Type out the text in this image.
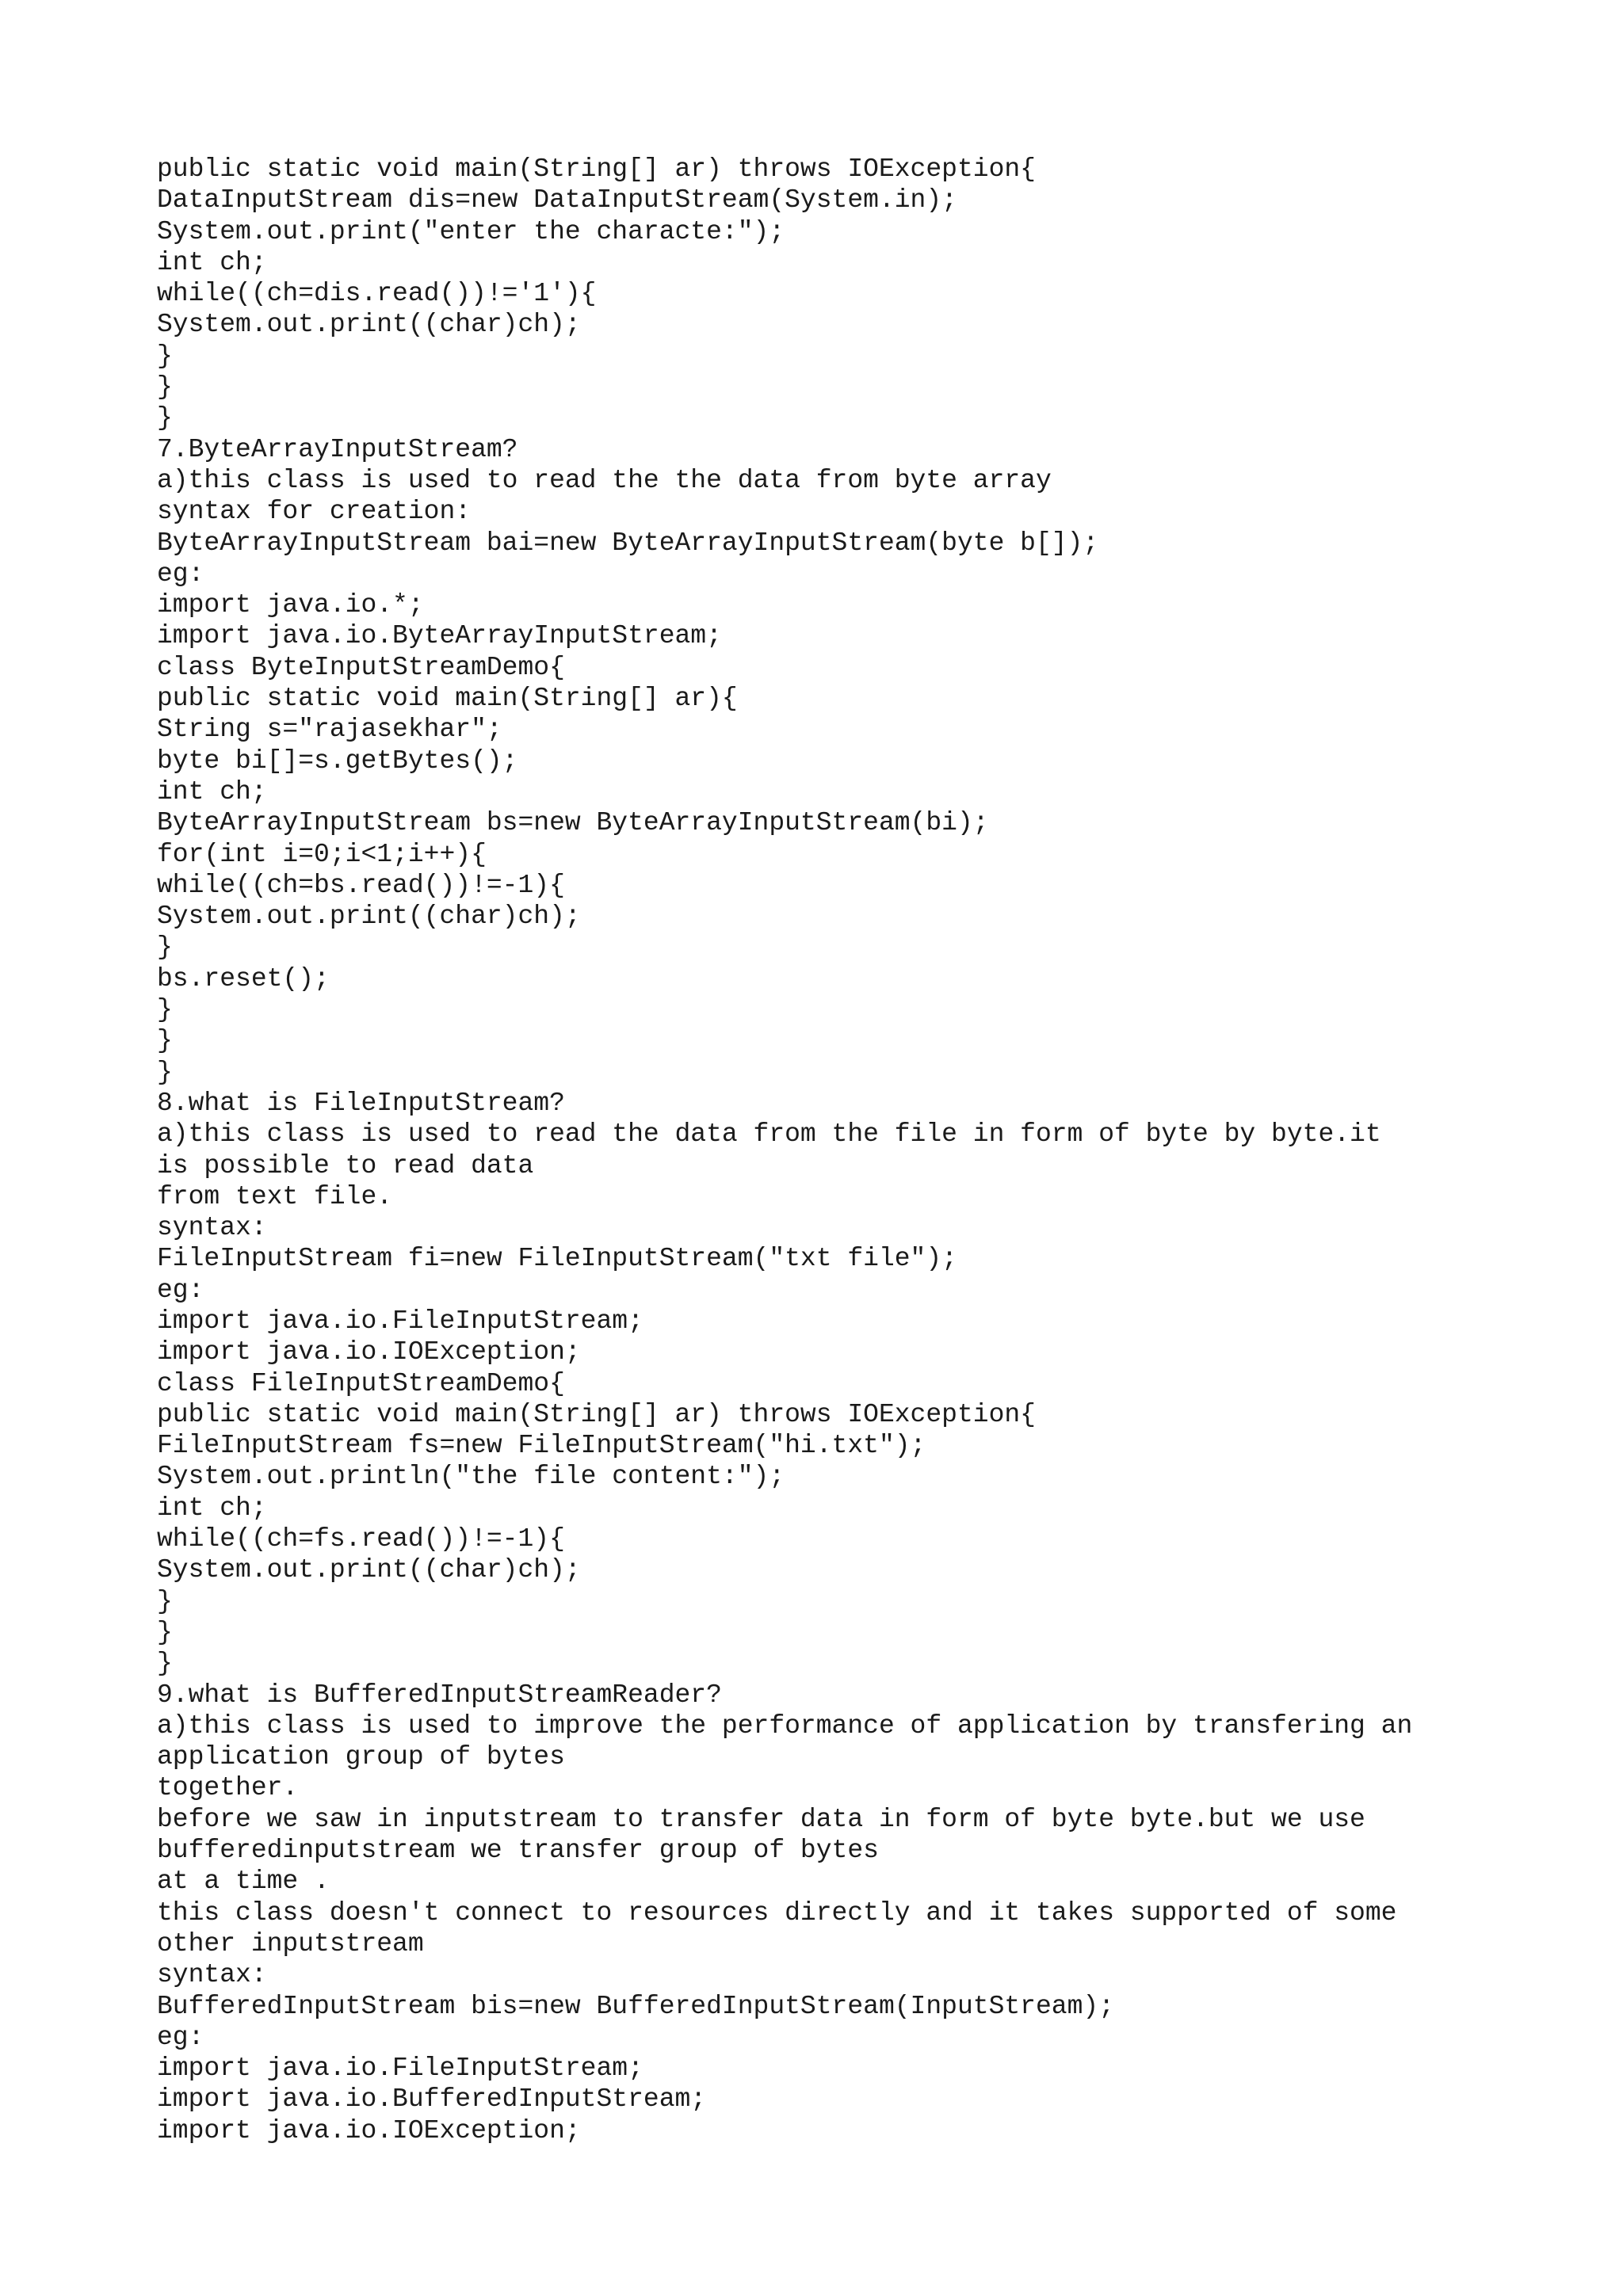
public static void main(String[] ar) throws IOException{
DataInputStream dis=new DataInputStream(System.in);
System.out.print("enter the characte:");
int ch;
while((ch=dis.read())!='1'){
System.out.print((char)ch);
}
}
}
7.ByteArrayInputStream?
a)this class is used to read the the data from byte array
syntax for creation:
ByteArrayInputStream bai=new ByteArrayInputStream(byte b[]);
eg:
import java.io.*;
import java.io.ByteArrayInputStream;
class ByteInputStreamDemo{
public static void main(String[] ar){
String s="rajasekhar";
byte bi[]=s.getBytes();
int ch;
ByteArrayInputStream bs=new ByteArrayInputStream(bi);
for(int i=0;i<1;i++){
while((ch=bs.read())!=-1){
System.out.print((char)ch);
}
bs.reset();
}
}
}
8.what is FileInputStream?
a)this class is used to read the data from the file in form of byte by byte.it
is possible to read data
from text file.
syntax:
FileInputStream fi=new FileInputStream("txt file");
eg:
import java.io.FileInputStream;
import java.io.IOException;
class FileInputStreamDemo{
public static void main(String[] ar) throws IOException{
FileInputStream fs=new FileInputStream("hi.txt");
System.out.println("the file content:");
int ch;
while((ch=fs.read())!=-1){
System.out.print((char)ch);
}
}
}
9.what is BufferedInputStreamReader?
a)this class is used to improve the performance of application by transfering an
application group of bytes
together.
before we saw in inputstream to transfer data in form of byte byte.but we use
bufferedinputstream we transfer group of bytes
at a time .
this class doesn't connect to resources directly and it takes supported of some
other inputstream
syntax:
BufferedInputStream bis=new BufferedInputStream(InputStream);
eg:
import java.io.FileInputStream;
import java.io.BufferedInputStream;
import java.io.IOException;
